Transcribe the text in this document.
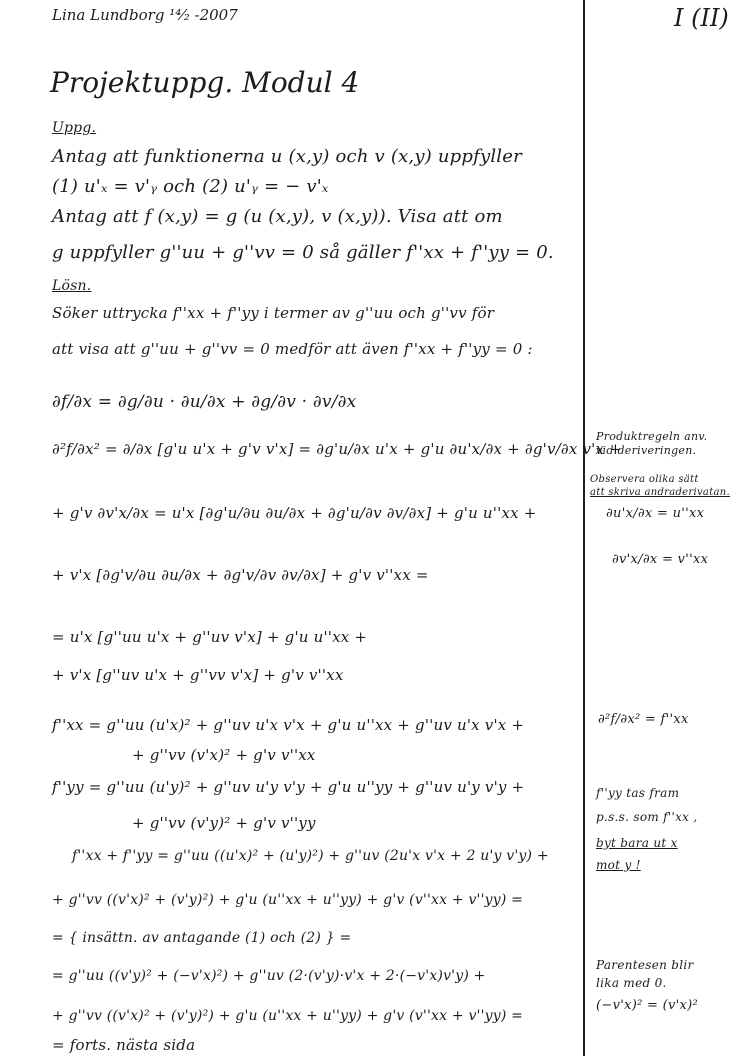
Lina Lundborg ¹⁴⁄₂ -2007	I (II)
Projektuppg. Modul 4
Uppg.
Antag att funktionerna u (x,y) och v (x,y) uppfyller
(1) u'ₓ = v'ᵧ och (2) u'ᵧ = − v'ₓ
Antag att f (x,y) = g (u (x,y), v (x,y)). Visa att om
g uppfyller g''uu + g''vv = 0 så gäller f''xx + f''yy = 0.
Lösn.
Söker uttrycka f''xx + f''yy i termer av g''uu och g''vv för
att visa att g''uu + g''vv = 0 medför att även f''xx + f''yy = 0 :
∂f/∂x = ∂g/∂u · ∂u/∂x + ∂g/∂v · ∂v/∂x
∂²f/∂x² = ∂/∂x [g'u u'x + g'v v'x] = ∂g'u/∂x u'x + g'u ∂u'x/∂x + ∂g'v/∂x v'x +
+ g'v ∂v'x/∂x = u'x [∂g'u/∂u ∂u/∂x + ∂g'u/∂v ∂v/∂x] + g'u u''xx +
+ v'x [∂g'v/∂u ∂u/∂x + ∂g'v/∂v ∂v/∂x] + g'v v''xx =
= u'x [g''uu u'x + g''uv v'x] + g'u u''xx +
+ v'x [g''uv u'x + g''vv v'x] + g'v v''xx
f''xx = g''uu (u'x)² + g''uv u'x v'x + g'u u''xx + g''uv u'x v'x +
+ g''vv (v'x)² + g'v v''xx
f''yy = g''uu (u'y)² + g''uv u'y v'y + g'u u''yy + g''uv u'y v'y +
+ g''vv (v'y)² + g'v v''yy
f''xx + f''yy = g''uu ((u'x)² + (u'y)²) + g''uv (2u'x v'x + 2 u'y v'y) +
+ g''vv ((v'x)² + (v'y)²) + g'u (u''xx + u''yy) + g'v (v''xx + v''yy) =
= { insättn. av antagande (1) och (2) } =
= g''uu ((v'y)² + (−v'x)²) + g''uv (2·(v'y)·v'x + 2·(−v'x)v'y) +
+ g''vv ((v'x)² + (v'y)²) + g'u (u''xx + u''yy) + g'v (v''xx + v''yy) =
= forts. nästa sida
Produktregeln anv.
vid deriveringen.
Observera olika sätt
att skriva andraderivatan.
∂u'x/∂x = u''xx
∂v'x/∂x = v''xx
∂²f/∂x² = f''xx
f''yy tas fram
p.s.s. som f''xx ,
byt bara ut x
mot y !
Parentesen blir
lika med 0.
(−v'x)² = (v'x)²
